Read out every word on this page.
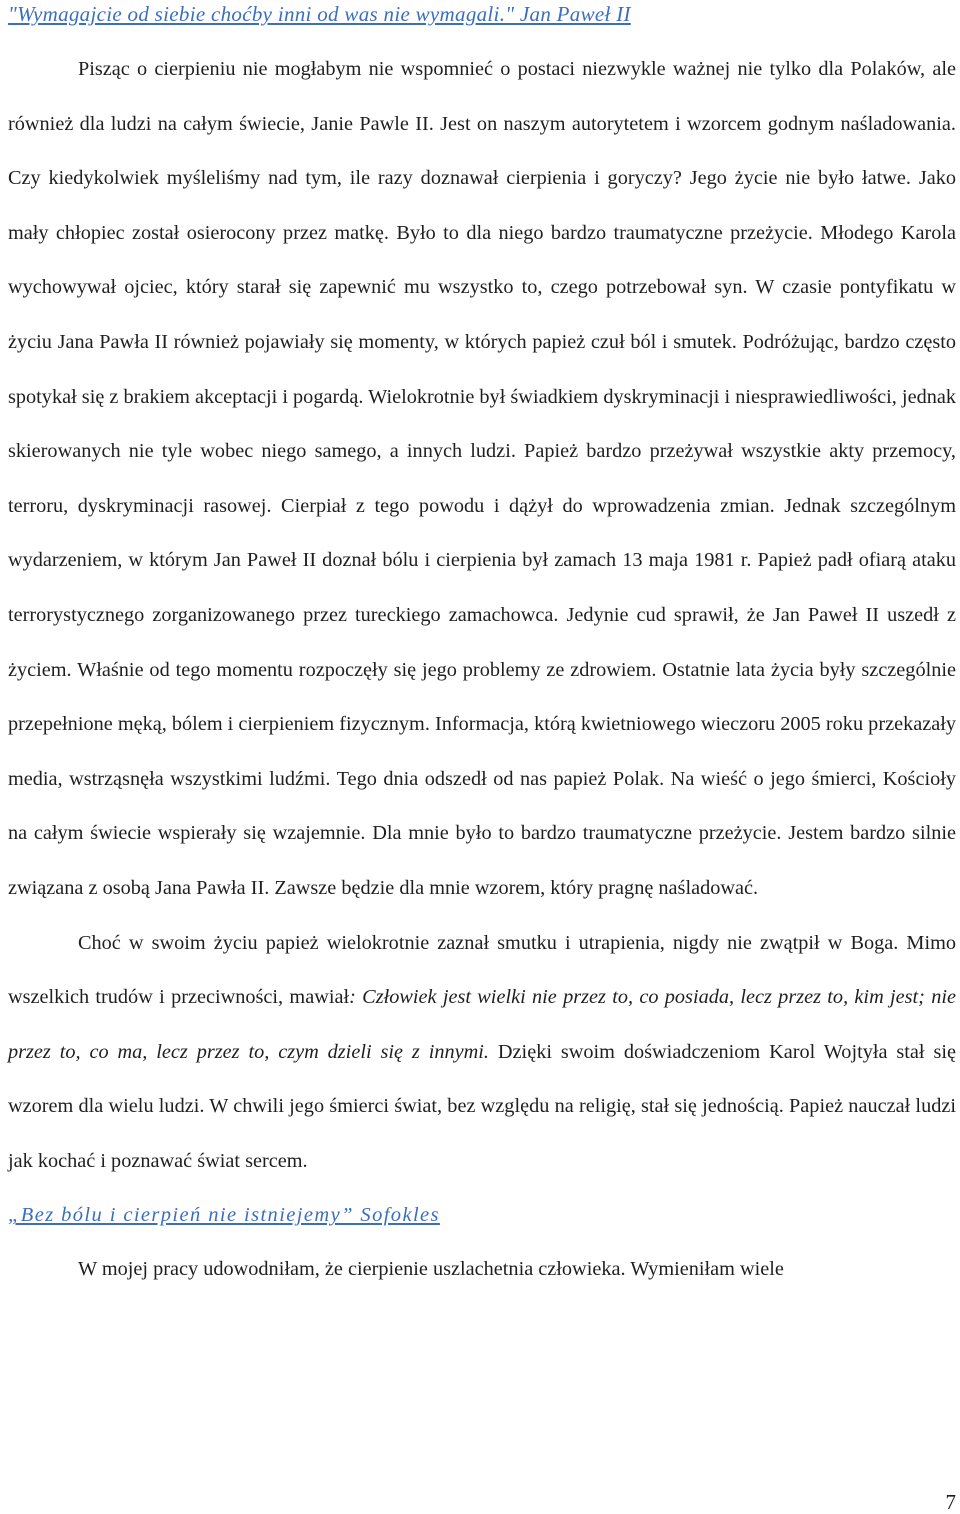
"Wymagajcie od siebie choćby inni od was nie wymagali." Jan Paweł II

Pisząc o cierpieniu nie mogłabym nie wspomnieć o postaci niezwykle ważnej nie tylko dla Polaków, ale również dla ludzi na całym świecie, Janie Pawle II. Jest on naszym autorytetem i wzorcem godnym naśladowania. Czy kiedykolwiek myśleliśmy nad tym, ile razy doznawał cierpienia i goryczy? Jego życie nie było łatwe. Jako mały chłopiec został osierocony przez matkę. Było to dla niego bardzo traumatyczne przeżycie. Młodego Karola wychowywał ojciec, który starał się zapewnić mu wszystko to, czego potrzebował syn. W czasie pontyfikatu w życiu Jana Pawła II również pojawiały się momenty, w których papież czuł ból i smutek. Podróżując, bardzo często spotykał się z brakiem akceptacji i pogardą. Wielokrotnie był świadkiem dyskryminacji i niesprawiedliwości, jednak skierowanych nie tyle wobec niego samego, a innych ludzi. Papież bardzo przeżywał wszystkie akty przemocy, terroru, dyskryminacji rasowej. Cierpiał z tego powodu i dążył do wprowadzenia zmian. Jednak szczególnym wydarzeniem, w którym Jan Paweł II doznał bólu i cierpienia był zamach 13 maja 1981 r. Papież padł ofiarą ataku terrorystycznego zorganizowanego przez tureckiego zamachowca. Jedynie cud sprawił, że Jan Paweł II uszedł z życiem. Właśnie od tego momentu rozpoczęły się jego problemy ze zdrowiem. Ostatnie lata życia były szczególnie przepełnione męką, bólem i cierpieniem fizycznym. Informacja, którą kwietniowego wieczoru 2005 roku przekazały media, wstrząsnęła wszystkimi ludźmi. Tego dnia odszedł od nas papież Polak. Na wieść o jego śmierci, Kościoły na całym świecie wspierały się wzajemnie. Dla mnie było to bardzo traumatyczne przeżycie. Jestem bardzo silnie związana z osobą Jana Pawła II. Zawsze będzie dla mnie wzorem, który pragnę naśladować.

Choć w swoim życiu papież wielokrotnie zaznał smutku i utrapienia, nigdy nie zwątpił w Boga. Mimo wszelkich trudów i przeciwności, mawiał: Człowiek jest wielki nie przez to, co posiada, lecz przez to, kim jest; nie przez to, co ma, lecz przez to, czym dzieli się z innymi. Dzięki swoim doświadczeniom Karol Wojtyła stał się wzorem dla wielu ludzi. W chwili jego śmierci świat, bez względu na religię, stał się jednością. Papież nauczał ludzi jak kochać i poznawać świat sercem.

„Bez bólu i cierpień nie istniejemy” Sofokles

W mojej pracy udowodniłam, że cierpienie uszlachetnia człowieka. Wymieniłam wiele

7
